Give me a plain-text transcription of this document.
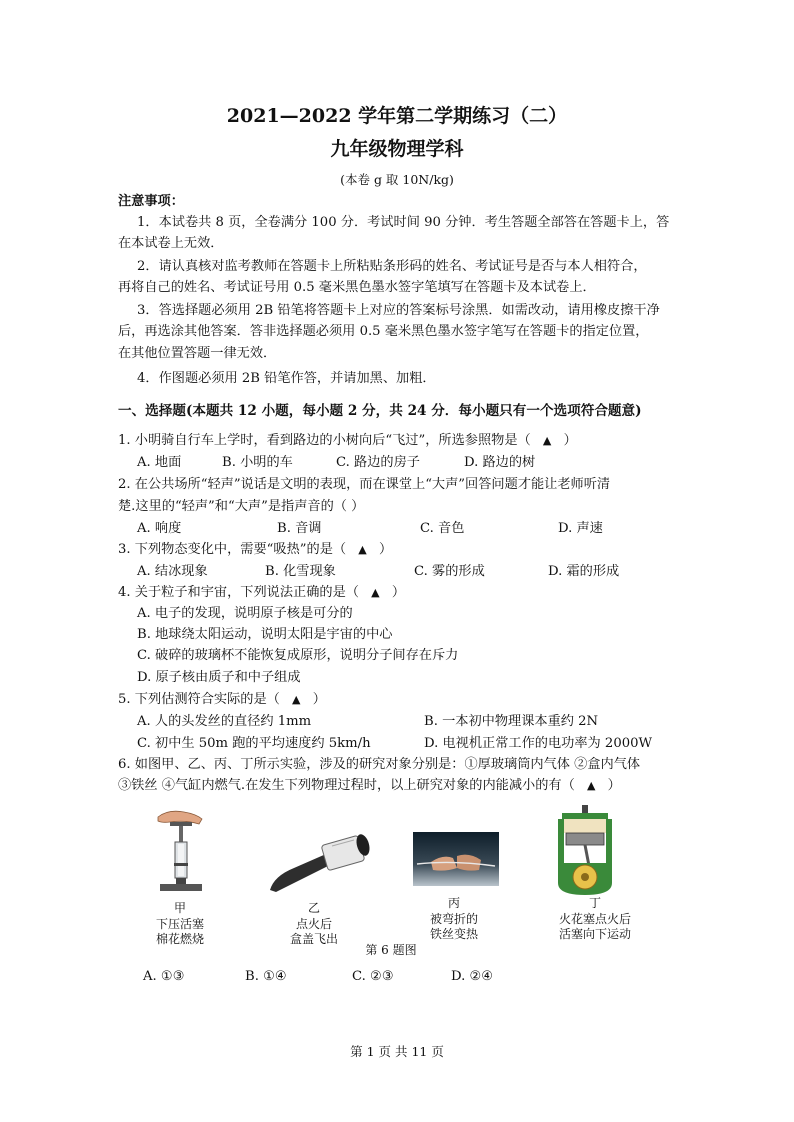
2021—2022 学年第二学期练习（二）
九年级物理学科
(本卷 g 取 10N/kg)
注意事项：
1．本试卷共 8 页，全卷满分 100 分．考试时间 90 分钟．考生答题全部答在答题卡上，答
在本试卷上无效．
2．请认真核对监考教师在答题卡上所粘贴条形码的姓名、考试证号是否与本人相符合，
再将自己的姓名、考试证号用 0.5 毫米黑色墨水签字笔填写在答题卡及本试卷上．
3．答选择题必须用 2B 铅笔将答题卡上对应的答案标号涂黑．如需改动，请用橡皮擦干净
后，再选涂其他答案．答非选择题必须用 0.5 毫米黑色墨水签字笔写在答题卡的指定位置，
在其他位置答题一律无效．
4．作图题必须用 2B 铅笔作答，并请加黑、加粗．
一、选择题(本题共 12 小题，每小题 2 分，共 24 分．每小题只有一个选项符合题意)
1. 小明骑自行车上学时，看到路边的小树向后“飞过”，所选参照物是（ ▲ ）
A. 地面	B. 小明的车	C. 路边的房子	D. 路边的树
2. 在公共场所“轻声”说话是文明的表现，而在课堂上“大声”回答问题才能让老师听清
楚.这里的“轻声”和“大声”是指声音的（ ）
A. 响度	B. 音调	C. 音色	D. 声速
3. 下列物态变化中，需要“吸热”的是（ ▲ ）
A. 结冰现象	B. 化雪现象	C. 雾的形成	D. 霜的形成
4. 关于粒子和宇宙，下列说法正确的是（ ▲ ）
A. 电子的发现，说明原子核是可分的
B. 地球绕太阳运动，说明太阳是宇宙的中心
C. 破碎的玻璃杯不能恢复成原形，说明分子间存在斥力
D. 原子核由质子和中子组成
5. 下列估测符合实际的是（ ▲ ）
A. 人的头发丝的直径约 1mm	B. 一本初中物理课本重约 2N
C. 初中生 50m 跑的平均速度约 5km/h	D. 电视机正常工作的电功率为 2000W
6. 如图甲、乙、丙、丁所示实验，涉及的研究对象分别是：①厚玻璃筒内气体 ②盒内气体
③铁丝 ④气缸内燃气.在发生下列物理过程时，以上研究对象的内能减小的有（ ▲ ）
甲
下压活塞
棉花燃烧
乙
点火后
盒盖飞出
丙
被弯折的
铁丝变热
丁
火花塞点火后
活塞向下运动
第 6 题图
A. ①③	B. ①④	C. ②③	D. ②④
第 1 页 共 11 页
